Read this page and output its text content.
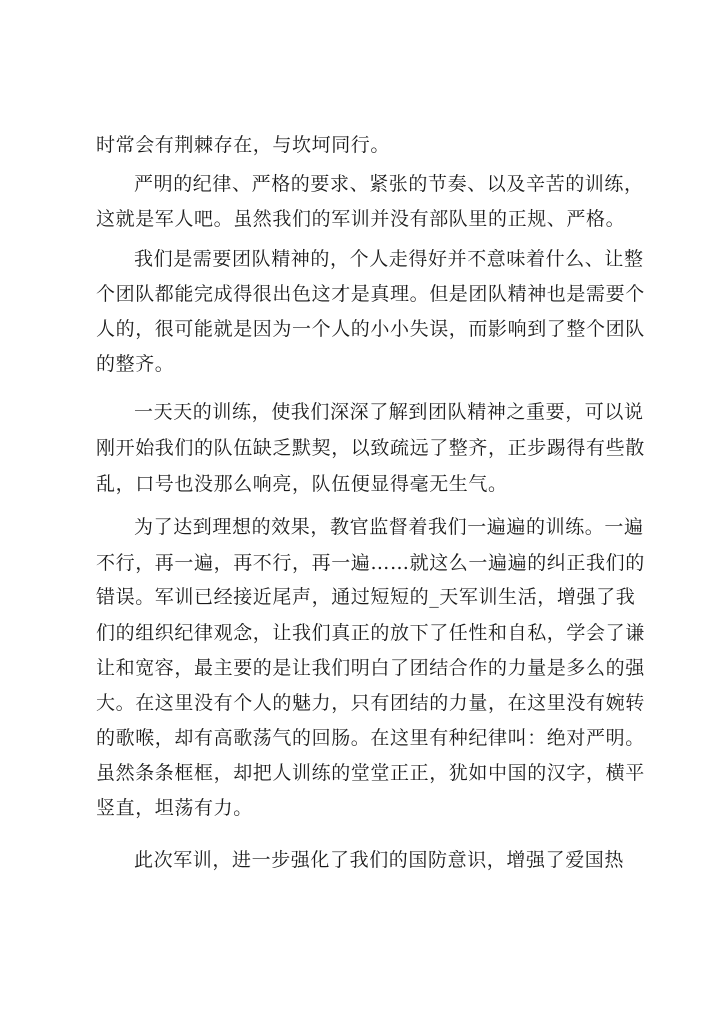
时常会有荆棘存在，与坎坷同行。
严明的纪律、严格的要求、紧张的节奏、以及辛苦的训练，
这就是军人吧。虽然我们的军训并没有部队里的正规、严格。
我们是需要团队精神的，个人走得好并不意味着什么、让整
个团队都能完成得很出色这才是真理。但是团队精神也是需要个
人的，很可能就是因为一个人的小小失误，而影响到了整个团队
的整齐。
一天天的训练，使我们深深了解到团队精神之重要，可以说
刚开始我们的队伍缺乏默契，以致疏远了整齐，正步踢得有些散
乱，口号也没那么响亮，队伍便显得毫无生气。
为了达到理想的效果，教官监督着我们一遍遍的训练。一遍
不行，再一遍，再不行，再一遍……就这么一遍遍的纠正我们的
错误。军训已经接近尾声，通过短短的_天军训生活，增强了我
们的组织纪律观念，让我们真正的放下了任性和自私，学会了谦
让和宽容，最主要的是让我们明白了团结合作的力量是多么的强
大。在这里没有个人的魅力，只有团结的力量，在这里没有婉转
的歌喉，却有高歌荡气的回肠。在这里有种纪律叫：绝对严明。
虽然条条框框，却把人训练的堂堂正正，犹如中国的汉字，横平
竖直，坦荡有力。
此次军训，进一步强化了我们的国防意识，增强了爱国热
